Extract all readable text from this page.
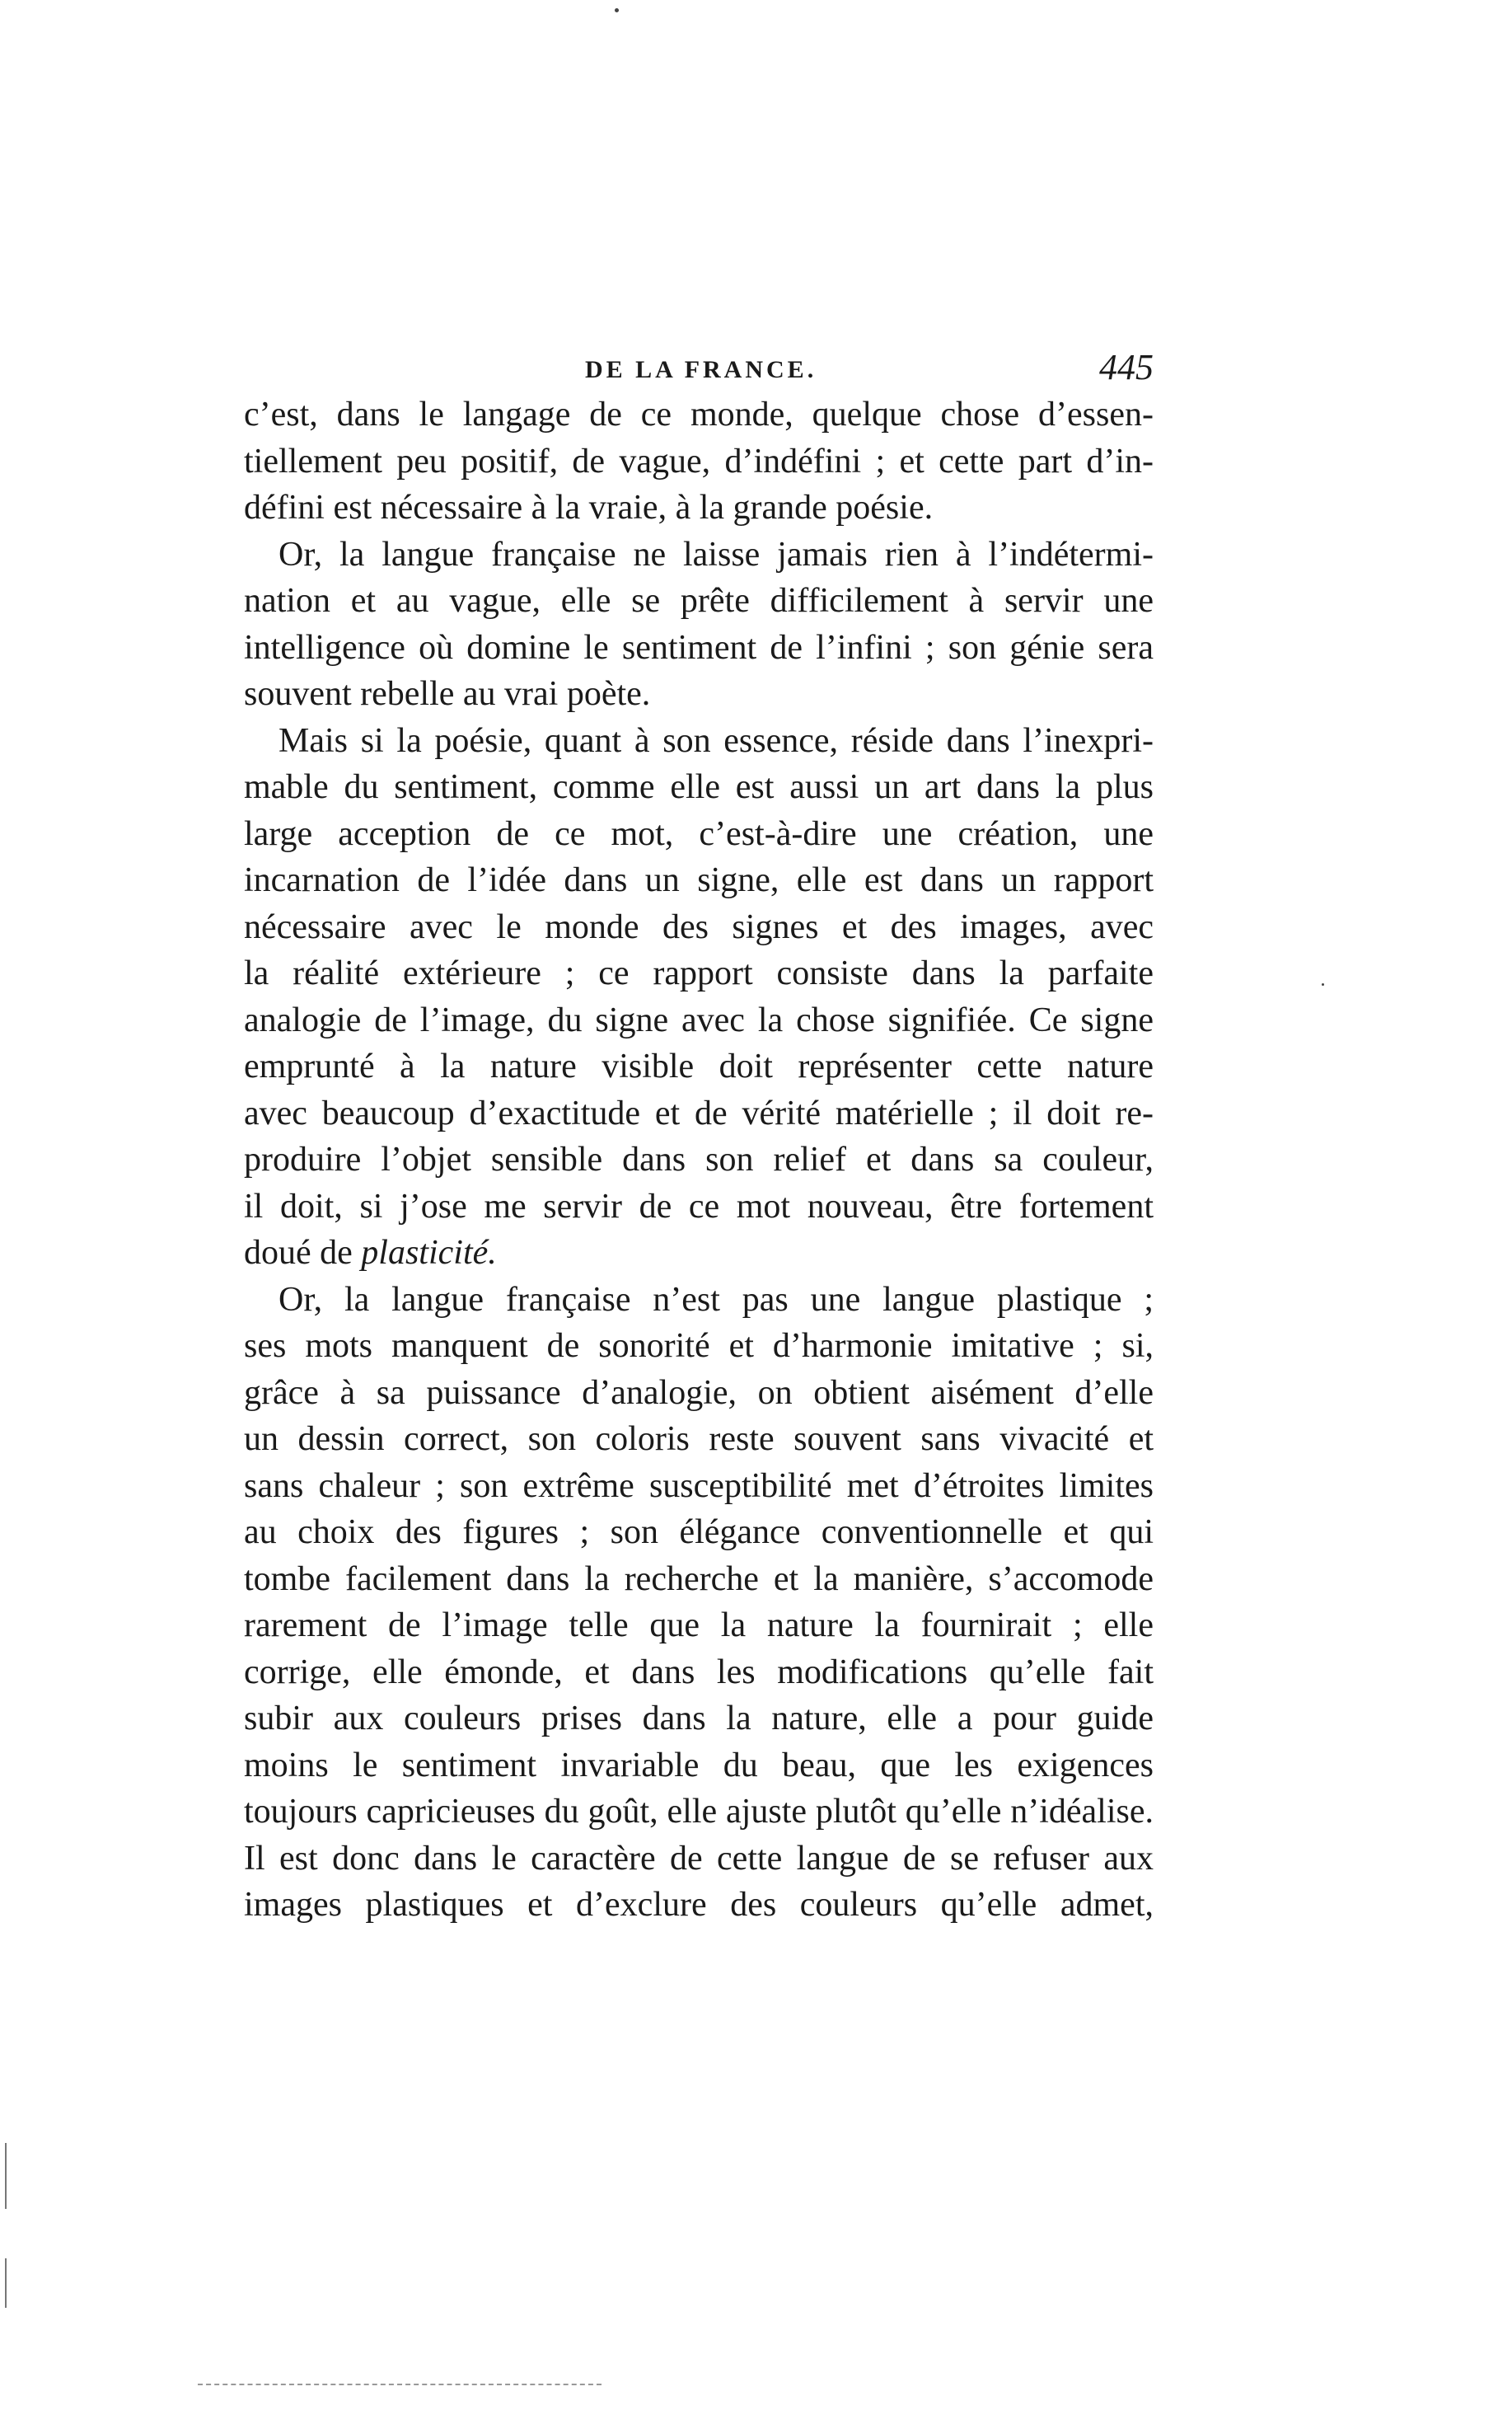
DE LA FRANCE.	445
c’est, dans le langage de ce monde, quelque chose d’essen-
tiellement peu positif, de vague, d’indéfini ; et cette part d’in-
défini est nécessaire à la vraie, à la grande poésie.
Or, la langue française ne laisse jamais rien à l’indétermi-
nation et au vague, elle se prête difficilement à servir une
intelligence où domine le sentiment de l’infini ; son génie sera
souvent rebelle au vrai poète.
Mais si la poésie, quant à son essence, réside dans l’inexpri-
mable du sentiment, comme elle est aussi un art dans la plus
large acception de ce mot, c’est-à-dire une création, une
incarnation de l’idée dans un signe, elle est dans un rapport
nécessaire avec le monde des signes et des images, avec
la réalité extérieure ; ce rapport consiste dans la parfaite
analogie de l’image, du signe avec la chose signifiée. Ce signe
emprunté à la nature visible doit représenter cette nature
avec beaucoup d’exactitude et de vérité matérielle ; il doit re-
produire l’objet sensible dans son relief et dans sa couleur,
il doit, si j’ose me servir de ce mot nouveau, être fortement
doué de plasticité.
Or, la langue française n’est pas une langue plastique ;
ses mots manquent de sonorité et d’harmonie imitative ; si,
grâce à sa puissance d’analogie, on obtient aisément d’elle
un dessin correct, son coloris reste souvent sans vivacité et
sans chaleur ; son extrême susceptibilité met d’étroites limites
au choix des figures ; son élégance conventionnelle et qui
tombe facilement dans la recherche et la manière, s’accomode
rarement de l’image telle que la nature la fournirait ; elle
corrige, elle émonde, et dans les modifications qu’elle fait
subir aux couleurs prises dans la nature, elle a pour guide
moins le sentiment invariable du beau, que les exigences
toujours capricieuses du goût, elle ajuste plutôt qu’elle n’idéalise.
Il est donc dans le caractère de cette langue de se refuser aux
images plastiques et d’exclure des couleurs qu’elle admet,
